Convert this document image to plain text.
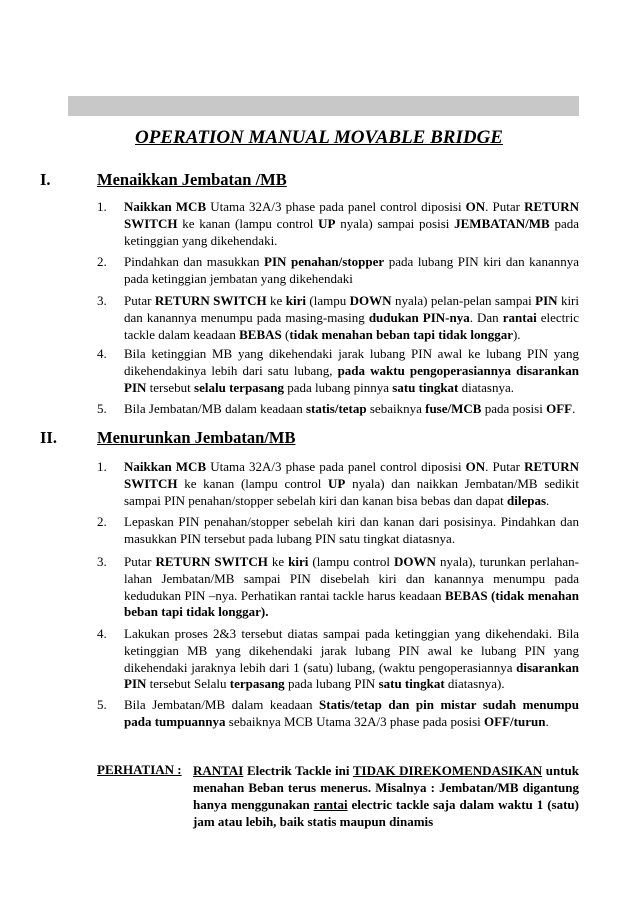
OPERATION MANUAL MOVABLE BRIDGE
I.	Menaikkan Jembatan /MB
1. Naikkan MCB Utama 32A/3 phase pada panel control diposisi ON. Putar RETURN SWITCH ke kanan (lampu control UP nyala) sampai posisi JEMBATAN/MB pada ketinggian yang dikehendaki.
2. Pindahkan dan masukkan PIN penahan/stopper pada lubang PIN kiri dan kanannya pada ketinggian jembatan yang dikehendaki
3. Putar RETURN SWITCH ke kiri (lampu DOWN nyala) pelan-pelan sampai PIN kiri dan kanannya menumpu pada masing-masing dudukan PIN-nya. Dan rantai electric tackle dalam keadaan BEBAS (tidak menahan beban tapi tidak longgar).
4. Bila ketinggian MB yang dikehendaki jarak lubang PIN awal ke lubang PIN yang dikehendakinya lebih dari satu lubang, pada waktu pengoperasiannya disarankan PIN tersebut selalu terpasang pada lubang pinnya satu tingkat diatasnya.
5. Bila Jembatan/MB dalam keadaan statis/tetap sebaiknya fuse/MCB pada posisi OFF.
II. Menurunkan Jembatan/MB
1. Naikkan MCB Utama 32A/3 phase pada panel control diposisi ON. Putar RETURN SWITCH ke kanan (lampu control UP nyala) dan naikkan Jembatan/MB sedikit sampai PIN penahan/stopper sebelah kiri dan kanan bisa bebas dan dapat dilepas.
2. Lepaskan PIN penahan/stopper sebelah kiri dan kanan dari posisinya. Pindahkan dan masukkan PIN tersebut pada lubang PIN satu tingkat diatasnya.
3. Putar RETURN SWITCH ke kiri (lampu control DOWN nyala), turunkan perlahan-lahan Jembatan/MB sampai PIN disebelah kiri dan kanannya menumpu pada kedudukan PIN –nya. Perhatikan rantai tackle harus keadaan BEBAS (tidak menahan beban tapi tidak longgar).
4. Lakukan proses 2&3 tersebut diatas sampai pada ketinggian yang dikehendaki. Bila ketinggian MB yang dikehendaki jarak lubang PIN awal ke lubang PIN yang dikehendaki jaraknya lebih dari 1 (satu) lubang, (waktu pengoperasiannya disarankan PIN tersebut Selalu terpasang pada lubang PIN satu tingkat diatasnya).
5. Bila Jembatan/MB dalam keadaan Statis/tetap dan pin mistar sudah menumpu pada tumpuannya sebaiknya MCB Utama 32A/3 phase pada posisi OFF/turun.
PERHATIAN : RANTAI Electrik Tackle ini TIDAK DIREKOMENDASIKAN untuk menahan Beban terus menerus. Misalnya : Jembatan/MB digantung hanya menggunakan rantai electric tackle saja dalam waktu 1 (satu) jam atau lebih, baik statis maupun dinamis
